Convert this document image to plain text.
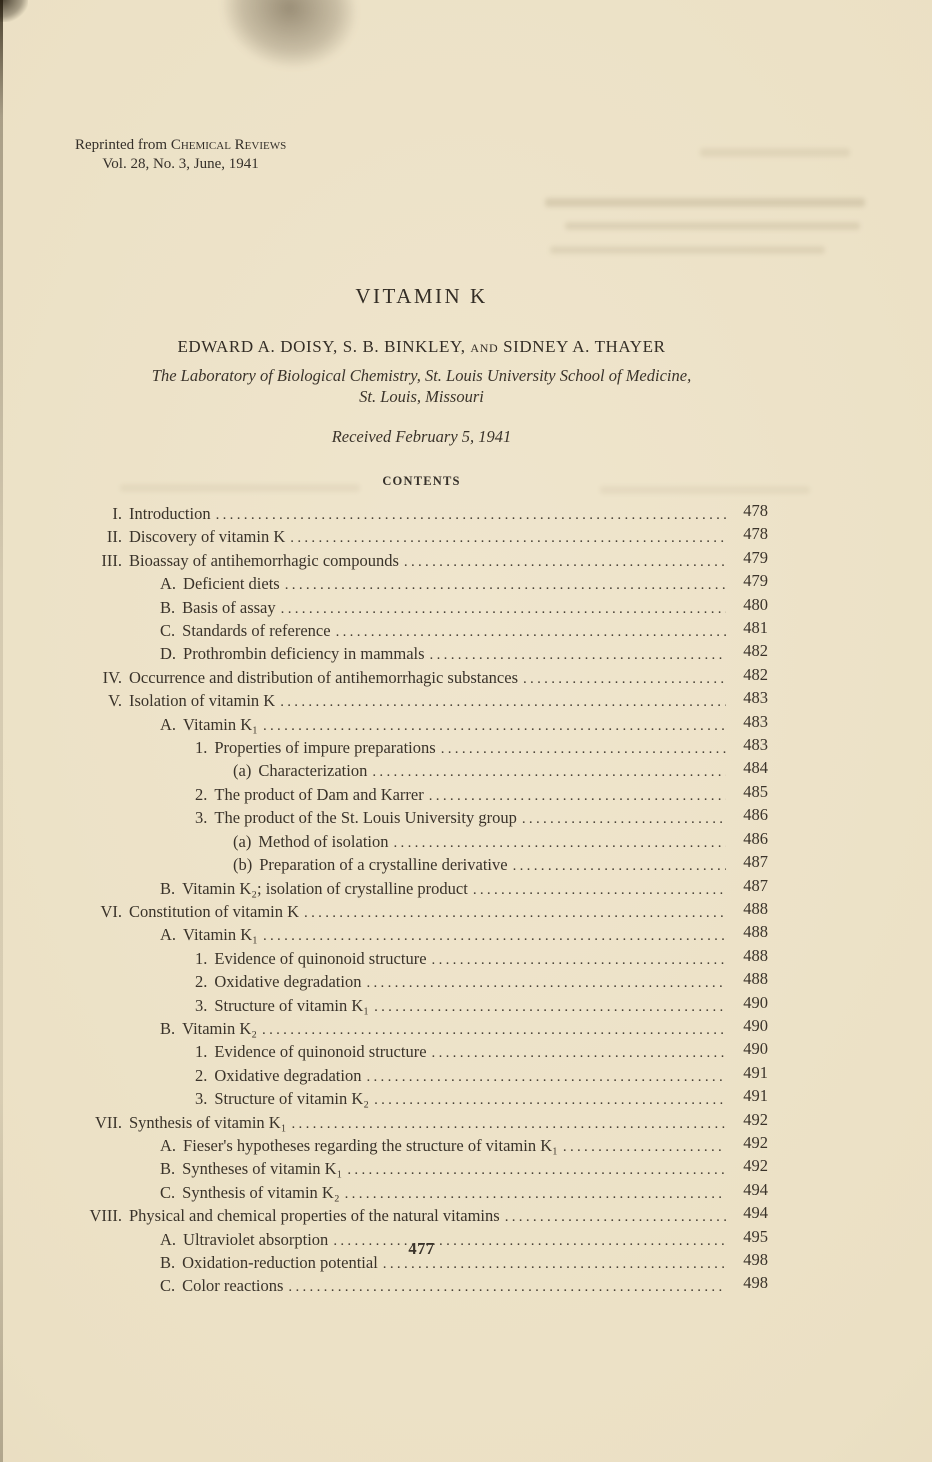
Reprinted from Chemical Reviews
Vol. 28, No. 3, June, 1941
VITAMIN K
EDWARD A. DOISY, S. B. BINKLEY, and SIDNEY A. THAYER
The Laboratory of Biological Chemistry, St. Louis University School of Medicine,
St. Louis, Missouri
Received February 5, 1941
CONTENTS
I. Introduction .....	478
II. Discovery of vitamin K .....	478
III. Bioassay of antihemorrhagic compounds .....	479
A. Deficient diets .....	479
B. Basis of assay .....	480
C. Standards of reference .....	481
D. Prothrombin deficiency in mammals .....	482
IV. Occurrence and distribution of antihemorrhagic substances .....	482
V. Isolation of vitamin K .....	483
A. Vitamin K₁ .....	483
1. Properties of impure preparations .....	483
(a) Characterization .....	484
2. The product of Dam and Karrer .....	485
3. The product of the St. Louis University group .....	486
(a) Method of isolation .....	486
(b) Preparation of a crystalline derivative .....	487
B. Vitamin K₂; isolation of crystalline product .....	487
VI. Constitution of vitamin K .....	488
A. Vitamin K₁ .....	488
1. Evidence of quinonoid structure .....	488
2. Oxidative degradation .....	488
3. Structure of vitamin K₁ .....	490
B. Vitamin K₂ .....	490
1. Evidence of quinonoid structure .....	490
2. Oxidative degradation .....	491
3. Structure of vitamin K₂ .....	491
VII. Synthesis of vitamin K₁ .....	492
A. Fieser's hypotheses regarding the structure of vitamin K₁ .....	492
B. Syntheses of vitamin K₁ .....	492
C. Synthesis of vitamin K₂ .....	494
VIII. Physical and chemical properties of the natural vitamins .....	494
A. Ultraviolet absorption .....	495
B. Oxidation-reduction potential .....	498
C. Color reactions .....	498
477
